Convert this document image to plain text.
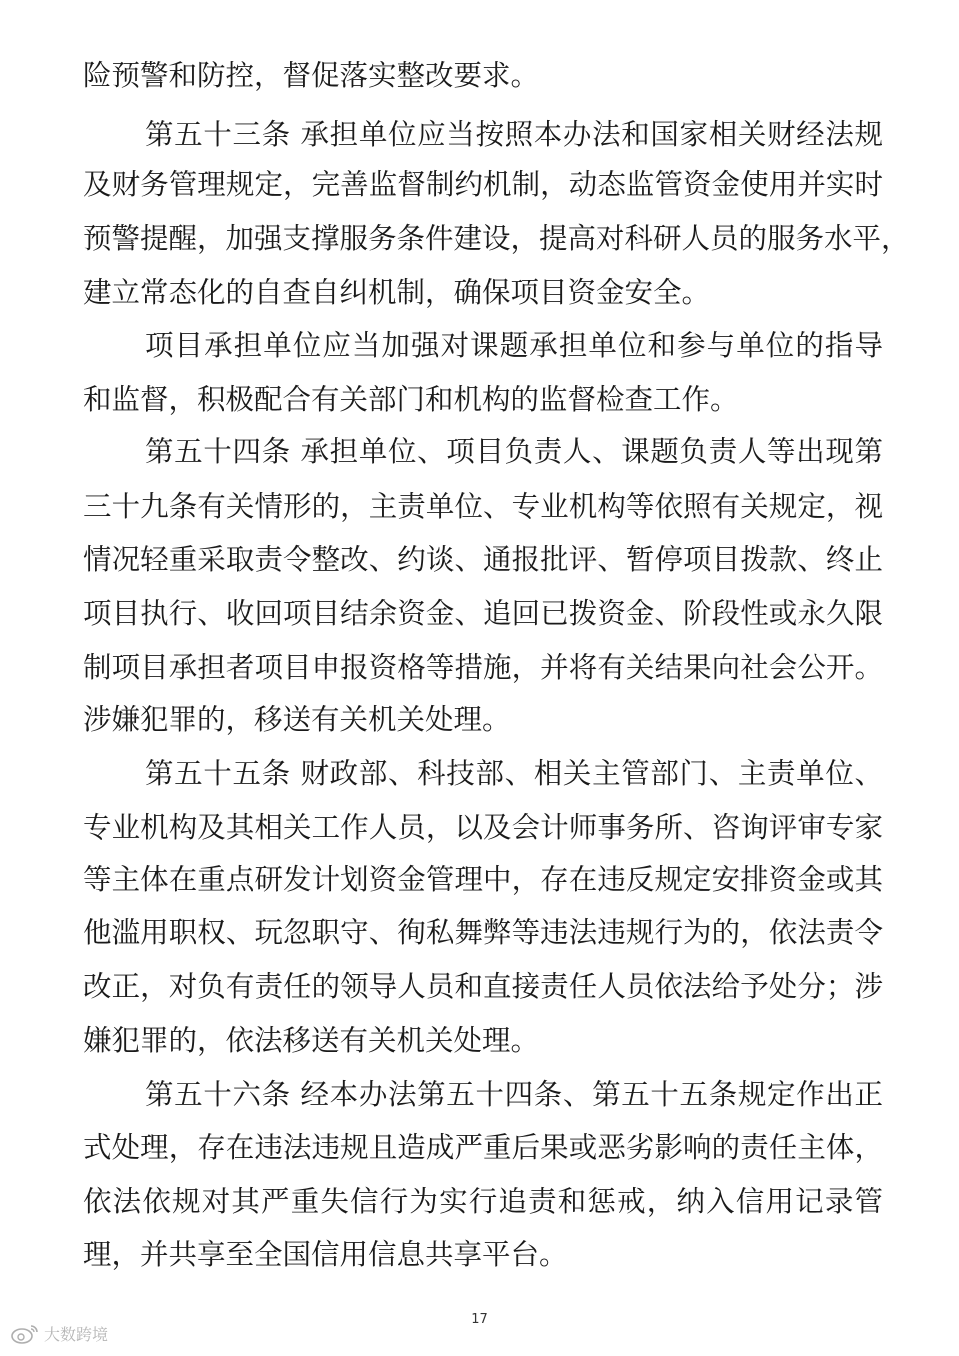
险预警和防控，督促落实整改要求。
第五十三条 承担单位应当按照本办法和国家相关财经法规
及财务管理规定，完善监督制约机制，动态监管资金使用并实时
预警提醒，加强支撑服务条件建设，提高对科研人员的服务水平，
建立常态化的自查自纠机制，确保项目资金安全。
项目承担单位应当加强对课题承担单位和参与单位的指导
和监督，积极配合有关部门和机构的监督检查工作。
第五十四条 承担单位、项目负责人、课题负责人等出现第
三十九条有关情形的，主责单位、专业机构等依照有关规定，视
情况轻重采取责令整改、约谈、通报批评、暂停项目拨款、终止
项目执行、收回项目结余资金、追回已拨资金、阶段性或永久限
制项目承担者项目申报资格等措施，并将有关结果向社会公开。
涉嫌犯罪的，移送有关机关处理。
第五十五条 财政部、科技部、相关主管部门、主责单位、
专业机构及其相关工作人员，以及会计师事务所、咨询评审专家
等主体在重点研发计划资金管理中，存在违反规定安排资金或其
他滥用职权、玩忽职守、徇私舞弊等违法违规行为的，依法责令
改正，对负有责任的领导人员和直接责任人员依法给予处分；涉
嫌犯罪的，依法移送有关机关处理。
第五十六条 经本办法第五十四条、第五十五条规定作出正
式处理，存在违法违规且造成严重后果或恶劣影响的责任主体，
依法依规对其严重失信行为实行追责和惩戒，纳入信用记录管
理，并共享至全国信用信息共享平台。
17
大数跨境
